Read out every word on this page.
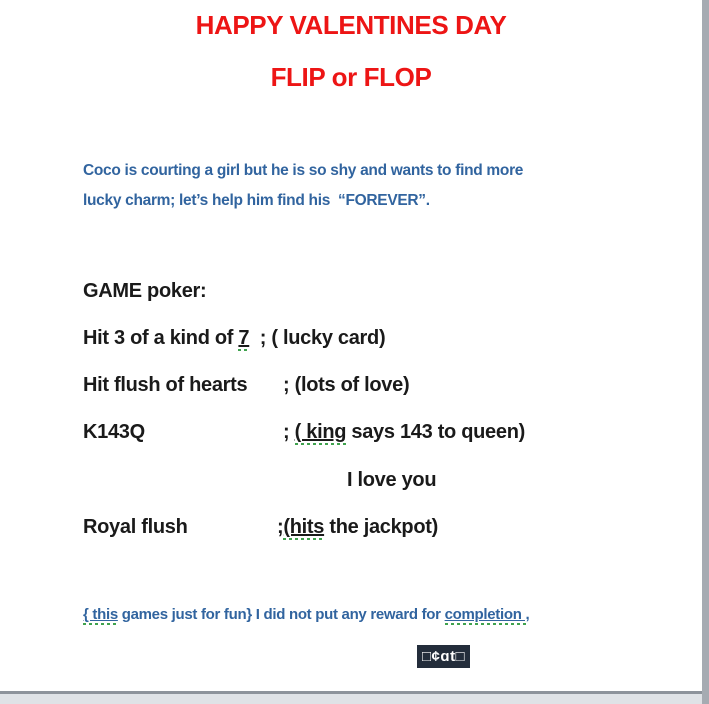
HAPPY VALENTINES DAY
FLIP or FLOP
Coco is courting a girl but he is so shy and wants to find more
lucky charm; let’s help him find his  “FOREVER”.
GAME poker:
Hit 3 of a kind of 7  ; ( lucky card)
Hit flush of hearts ; (lots of love)
K143Q	; ( king says 143 to queen)
I love you
Royal flush	;(hits the jackpot)
{ this games just for fun} I did not put any reward for completion ,
□¢ɑt□
